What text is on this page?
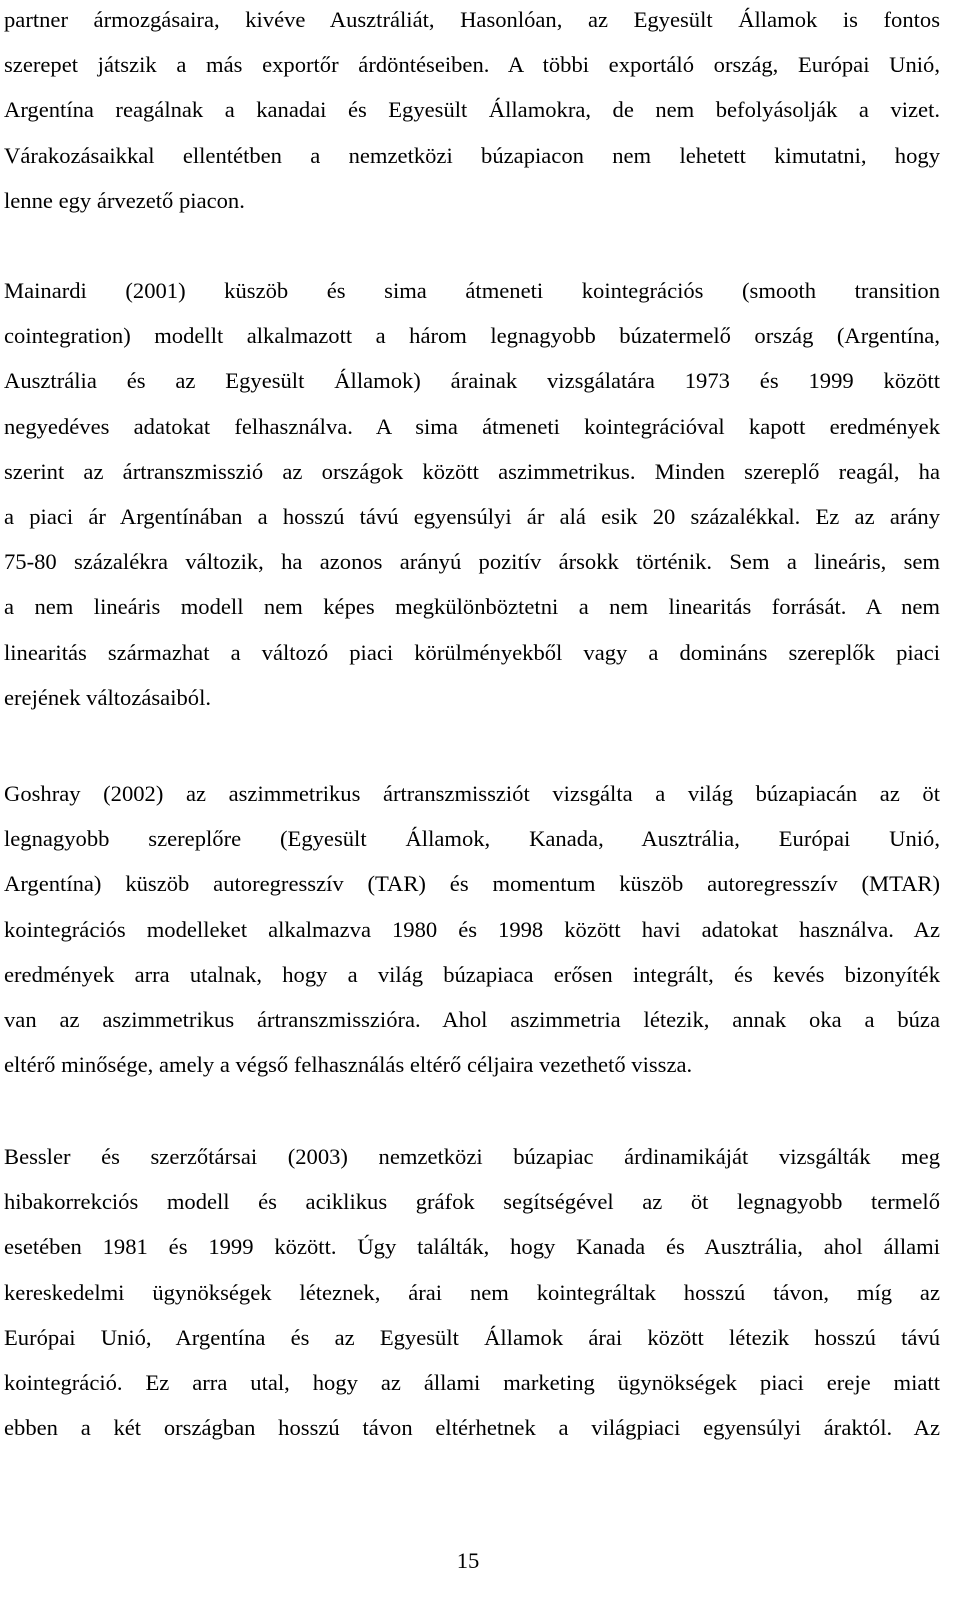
partner ármozgásaira, kivéve Ausztráliát, Hasonlóan, az Egyesült Államok is fontos
szerepet játszik a más exportőr árdöntéseiben. A többi exportáló ország, Európai Unió,
Argentína reagálnak a kanadai és Egyesült Államokra, de nem befolyásolják a vizet.
Várakozásaikkal ellentétben a nemzetközi búzapiacon nem lehetett kimutatni, hogy
lenne egy árvezető piacon.
Mainardi (2001) küszöb és sima átmeneti kointegrációs (smooth transition
cointegration) modellt alkalmazott a három legnagyobb búzatermelő ország (Argentína,
Ausztrália és az Egyesült Államok) árainak vizsgálatára 1973 és 1999 között
negyedéves adatokat felhasználva. A sima átmeneti kointegrációval kapott eredmények
szerint az ártranszmisszió az országok között aszimmetrikus. Minden szereplő reagál, ha
a piaci ár Argentínában a hosszú távú egyensúlyi ár alá esik 20 százalékkal. Ez az arány
75-80 százalékra változik, ha azonos arányú pozitív ársokk történik. Sem a lineáris, sem
a nem lineáris modell nem képes megkülönböztetni a nem linearitás forrását. A nem
linearitás származhat a változó piaci körülményekből vagy a domináns szereplők piaci
erejének változásaiból.
Goshray (2002) az aszimmetrikus ártranszmissziót vizsgálta a világ búzapiacán az öt
legnagyobb szereplőre (Egyesült Államok, Kanada, Ausztrália, Európai Unió,
Argentína) küszöb autoregresszív (TAR) és momentum küszöb autoregresszív (MTAR)
kointegrációs modelleket alkalmazva 1980 és 1998 között havi adatokat használva. Az
eredmények arra utalnak, hogy a világ búzapiaca erősen integrált, és kevés bizonyíték
van az aszimmetrikus ártranszmisszióra. Ahol aszimmetria létezik, annak oka a búza
eltérő minősége, amely a végső felhasználás eltérő céljaira vezethető vissza.
Bessler és szerzőtársai (2003) nemzetközi búzapiac árdinamikáját vizsgálták meg
hibakorrekciós modell és aciklikus gráfok segítségével az öt legnagyobb termelő
esetében 1981 és 1999 között. Úgy találták, hogy Kanada és Ausztrália, ahol állami
kereskedelmi ügynökségek léteznek, árai nem kointegráltak hosszú távon, míg az
Európai Unió, Argentína és az Egyesült Államok árai között létezik hosszú távú
kointegráció. Ez arra utal, hogy az állami marketing ügynökségek piaci ereje miatt
ebben a két országban hosszú távon eltérhetnek a világpiaci egyensúlyi áraktól. Az
15
